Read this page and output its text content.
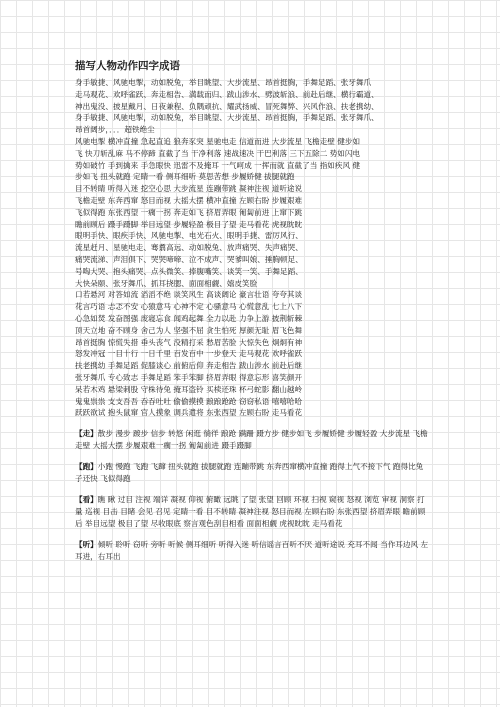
描写人物动作四字成语
身手敏捷、风驰电掣，动如脱兔，举目眺望、大步流星、昂首挺胸，手舞足蹈、张牙舞爪
走马观花、欢呼雀跃、奔走相告、満载而归、跋山涉水、劈波斩浪、前赴后继、横行霸道、
神出鬼没、披星戴月、日夜兼程、负隅顽抗、耀武扬威、冒死舞弊、兴风作浪、扶老携幼、
身手敏捷、风驰电掣，动如脱兔，举目眺望、大步流星、昂首挺胸，手舞足蹈、张牙舞爪、
昂首阔步，．．．超铁绝尘
风驰电掣 横冲直撞 急起直追 狼奔豕突 星驰电走 信道而进 大步流星 飞檐走壁 健步如
飞 快刀斩乱麻 马不停蹄 直截了当 干净利落 速战速决 干巴利落 三下五除二 势如闪电
势如破竹 手到擒来 手急眼快 迅雷不及掩耳 一气呵成 一挥而就 直截了当 指如疾风 健
步如飞 扭头就跑 定睛一看 侧耳细听 莫思苦想 步履娇健 拔腿就跑
目不转睛 听得入迷 挖空心思 大步流星 连蹦带跳 凝神注视 道听途说
飞檐走壁 东奔西窜 怒目而视 大摇大摆 横冲直撞 左顾右盼 步履艰难
飞似得跑 东张西望 一瘸一拐 奔走如飞 挤眉弄眼 匍匐前进 上窜下跳
瞻前顾后 蹑手蹑脚 举目远望 步履轻盈 极目了望 走马看花 虎视眈眈
眼明手快、眼疾手快、风驰电掣、电光石火、眼明手捷、雷厉风行、
流星赶月、星驰电走、骞翥高远、动如脱兔、放声痛哭、失声痛哭、
痛哭流涕、声泪俱下、哭哭啼啼、泣不成声、哭爹叫娘、捶胸顿足、
号啕大哭、抱头痛哭、点头微笑、捧腹嘴笑、谈笑一笑、手舞足蹈、
大快朵颐、张牙舞爪、抓耳挠腮、面面相觑、嬉皮笑脸
口若悬河 对答如流 滔滔不绝 谈笑风生 高谈阔论 豪言壮语 夸夸其谈
花言巧语 忐忑不安 心猿意马 心神不定 心骚意马 心慌意乱 七上八下
心急如焚 发奋图强 废寝忘食 闻鸡起舞 全力以赴 力争上游 披荆斩棘
顶天立地 奋不顾身 舍己为人 坚强不屈 贪生怕死 厚颜无耻 眉飞色舞
昂首挺胸 惊慌失措 垂头丧气 没精打采 愁眉苦脸 大惊失色 炯炯有神
怒发冲冠 一目十行 一日千里 百发百中 一步登天 走马观花 欢呼雀跃
扶老携幼 手舞足蹈 促膝谈心 前俯后仰 奔走相告 跋山涉水 前赴后继
张牙舞爪 专心致志 手舞足蹈 笨手笨脚 挤眉弄眼 得意忘形 喜笑颜开
呆若木鸡 悬梁刺股 守株待兔 掩耳盗铃 买椟还珠 杯弓蛇影 翻山越岭
鬼鬼祟祟 支支吾吾 吞吞吐吐 偷偷摸摸 踉踉跄跄 窃窃私语 嘻嘻哈哈
跃跃欲试 抱头鼠窜 官人摸象 调兵遣将 东张西望 左顾右盼 走马看花
【走】散步 漫步 踱步 信步 转悠 闲逛 徜徉 踉跄 蹒跚 蹑方步 健步如飞 步履娇健 步履轻盈 大步流星 飞檐走壁 大摇大摆 步履艰难一瘸一拐 匍匐前进 蹑手蹑脚
【跑】小跑 慢跑 飞跑 飞蹿 扭头就跑 拔腿就跑 连蹦带跳 东奔西窜横冲直撞 跑得上气不接下气 跑得比兔子还快 飞似得跑
【看】瞧 瞅 过目 注视 端详 凝视 仰视 俯瞰 远眺 了望 张望 回顾 环视 扫视 窥视 怒视 浏览 审视 洞察 打量 巡视 目击 目睹 会见 召见 定睛一看 目不转睛 凝神注视 怒目而视 左顾右盼 东张西望 挤眉弄眼 瞻前顾后 举目远望 极目了望 尽收眼底 察言观色刮目相看 面面相觑 虎视眈眈 走马看花
【听】倾听 聆听 窃听 旁听 听候 侧耳细听 听得入迷 听信谣言百听不厌 道听途说 充耳不闻 当作耳边风 左耳进，右耳出
